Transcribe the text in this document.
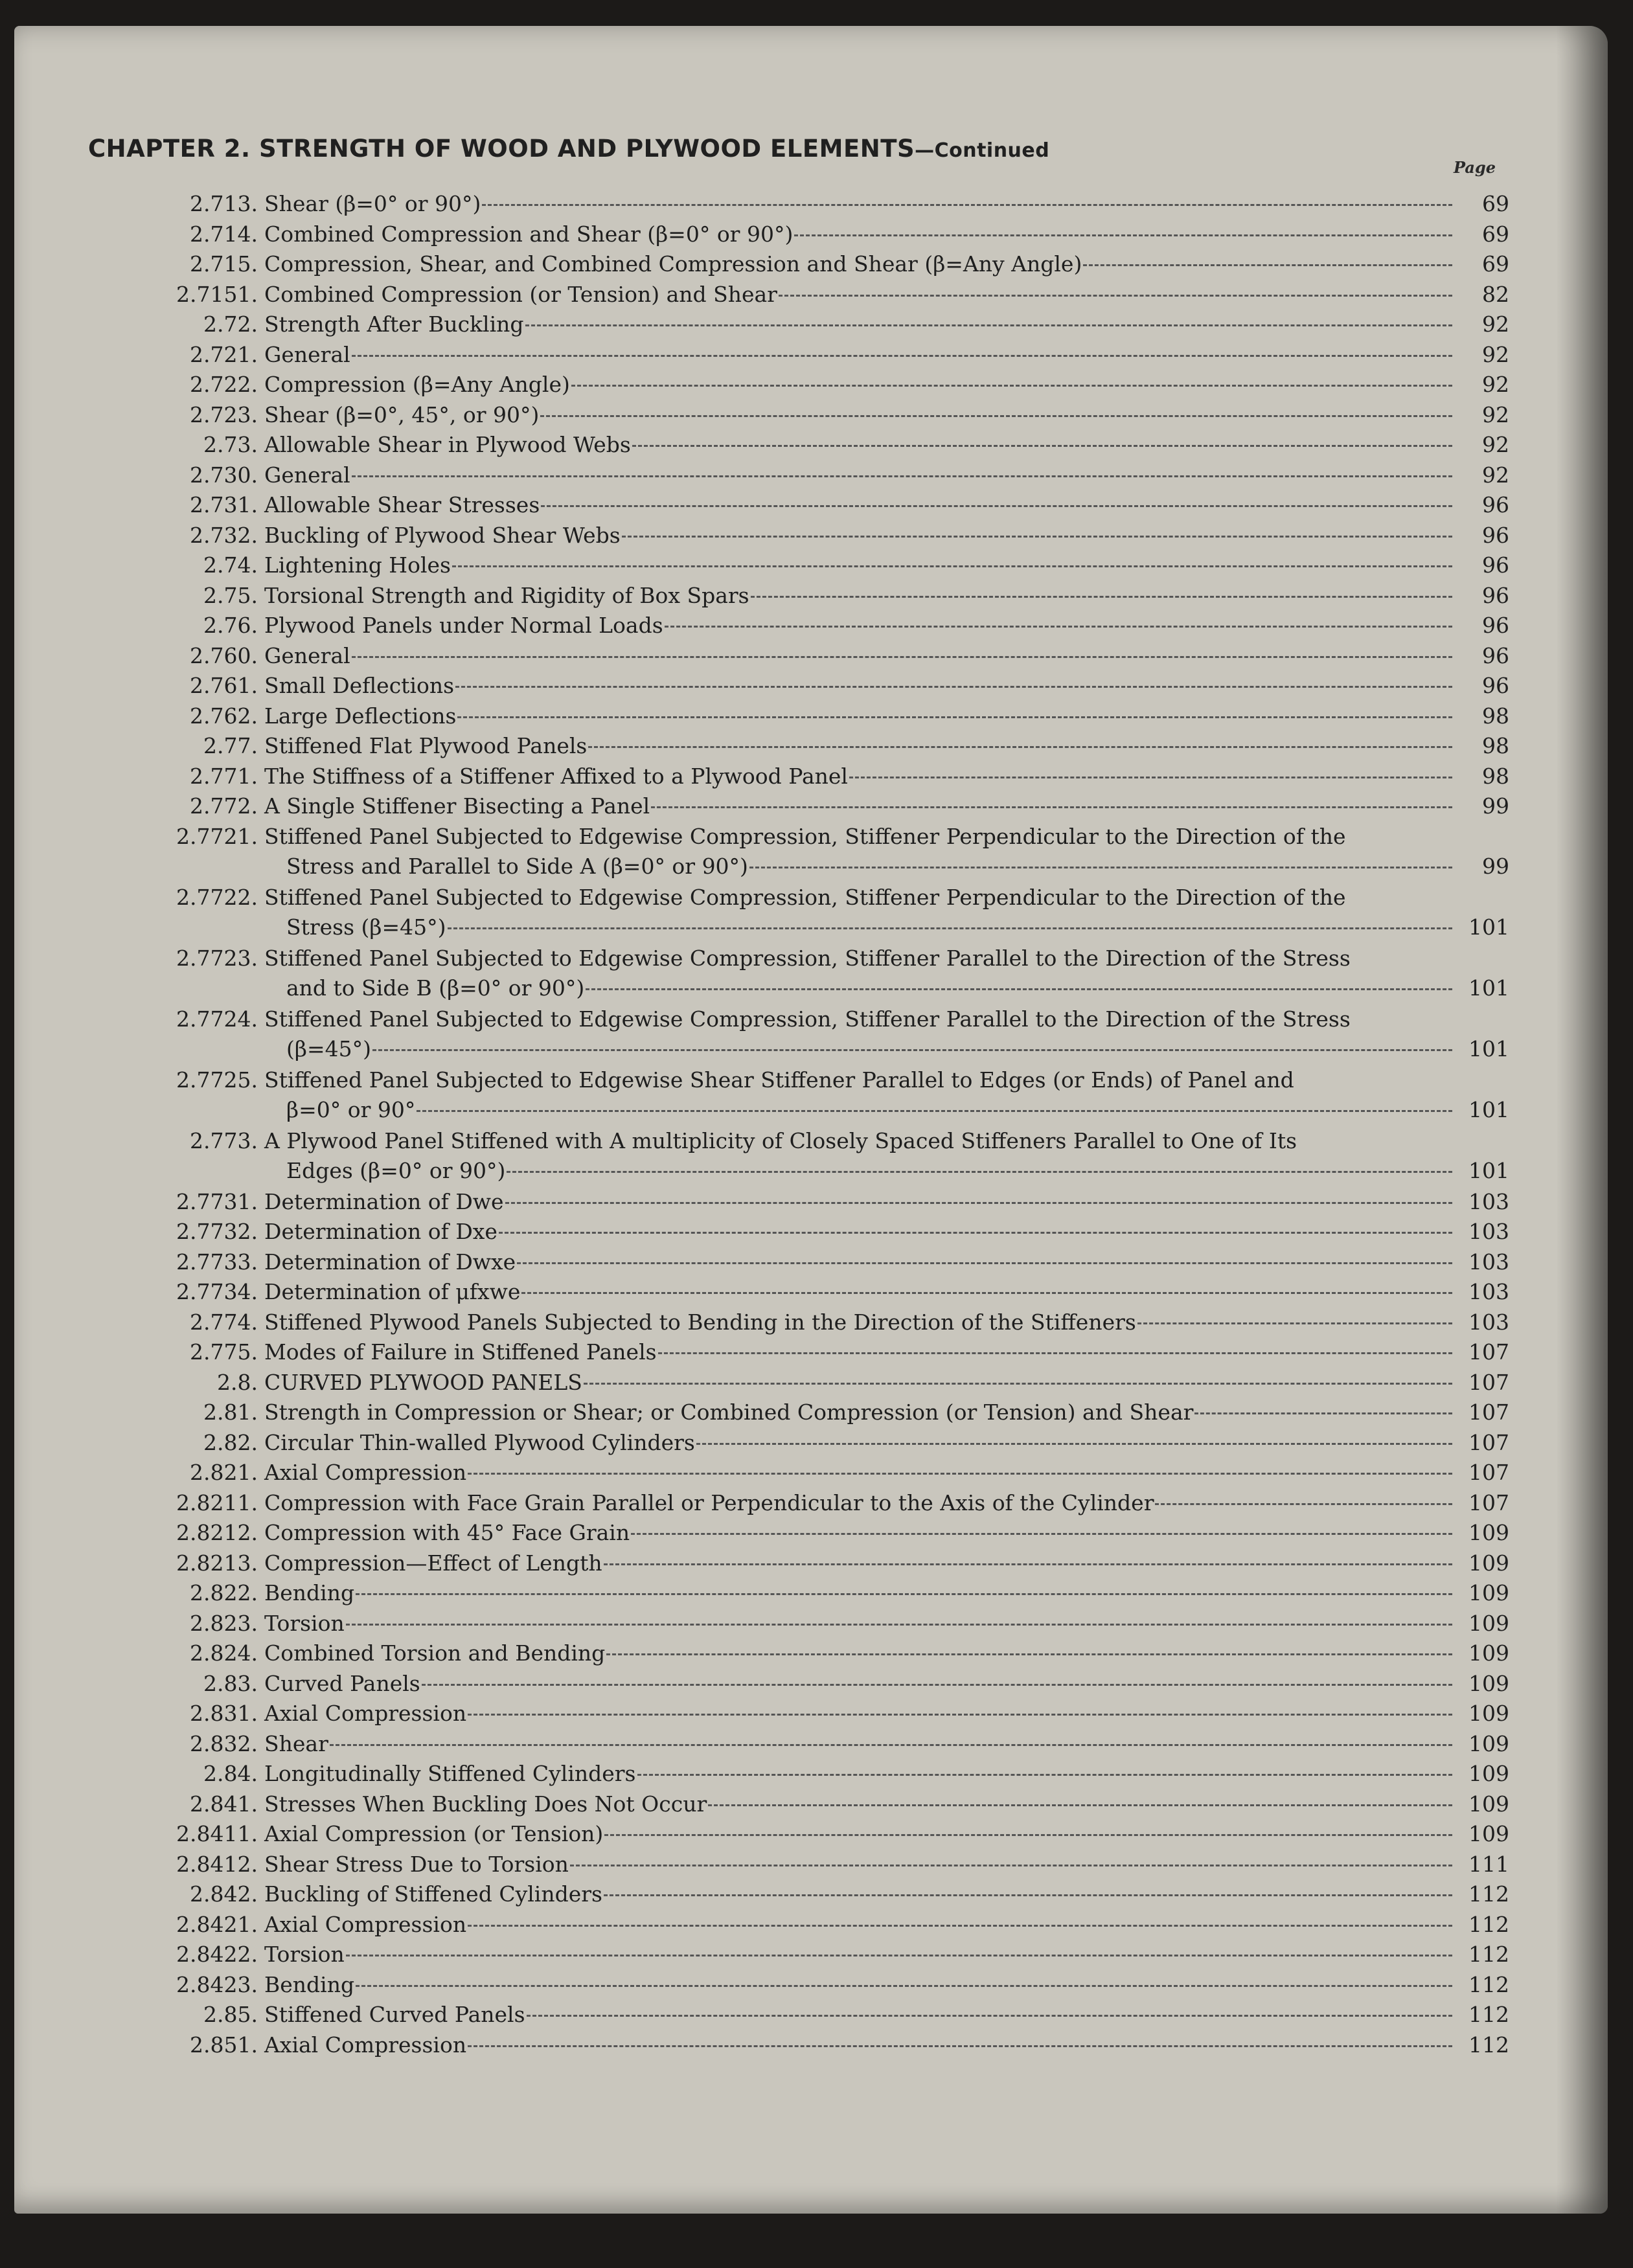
CHAPTER 2. STRENGTH OF WOOD AND PLYWOOD ELEMENTS—Continued
Page
2.713. Shear (β=0° or 90°)	69
2.714. Combined Compression and Shear (β=0° or 90°)	69
2.715. Compression, Shear, and Combined Compression and Shear (β=Any Angle)	69
2.7151. Combined Compression (or Tension) and Shear	82
2.72. Strength After Buckling	92
2.721. General	92
2.722. Compression (β=Any Angle)	92
2.723. Shear (β=0°, 45°, or 90°)	92
2.73. Allowable Shear in Plywood Webs	92
2.730. General	92
2.731. Allowable Shear Stresses	96
2.732. Buckling of Plywood Shear Webs	96
2.74. Lightening Holes	96
2.75. Torsional Strength and Rigidity of Box Spars	96
2.76. Plywood Panels under Normal Loads	96
2.760. General	96
2.761. Small Deflections	96
2.762. Large Deflections	98
2.77. Stiffened Flat Plywood Panels	98
2.771. The Stiffness of a Stiffener Affixed to a Plywood Panel	98
2.772. A Single Stiffener Bisecting a Panel	99
2.7721. Stiffened Panel Subjected to Edgewise Compression, Stiffener Perpendicular to the Direction of the
Stress and Parallel to Side A (β=0° or 90°)	99
2.7722. Stiffened Panel Subjected to Edgewise Compression, Stiffener Perpendicular to the Direction of the
Stress (β=45°)	101
2.7723. Stiffened Panel Subjected to Edgewise Compression, Stiffener Parallel to the Direction of the Stress
and to Side B (β=0° or 90°)	101
2.7724. Stiffened Panel Subjected to Edgewise Compression, Stiffener Parallel to the Direction of the Stress
(β=45°)	101
2.7725. Stiffened Panel Subjected to Edgewise Shear Stiffener Parallel to Edges (or Ends) of Panel and
β=0° or 90°	101
2.773. A Plywood Panel Stiffened with A multiplicity of Closely Spaced Stiffeners Parallel to One of Its
Edges (β=0° or 90°)	101
2.7731. Determination of Dwe	103
2.7732. Determination of Dxe	103
2.7733. Determination of Dwxe	103
2.7734. Determination of μfxwe	103
2.774. Stiffened Plywood Panels Subjected to Bending in the Direction of the Stiffeners	103
2.775. Modes of Failure in Stiffened Panels	107
2.8. CURVED PLYWOOD PANELS	107
2.81. Strength in Compression or Shear; or Combined Compression (or Tension) and Shear	107
2.82. Circular Thin-walled Plywood Cylinders	107
2.821. Axial Compression	107
2.8211. Compression with Face Grain Parallel or Perpendicular to the Axis of the Cylinder	107
2.8212. Compression with 45° Face Grain	109
2.8213. Compression—Effect of Length	109
2.822. Bending	109
2.823. Torsion	109
2.824. Combined Torsion and Bending	109
2.83. Curved Panels	109
2.831. Axial Compression	109
2.832. Shear	109
2.84. Longitudinally Stiffened Cylinders	109
2.841. Stresses When Buckling Does Not Occur	109
2.8411. Axial Compression (or Tension)	109
2.8412. Shear Stress Due to Torsion	111
2.842. Buckling of Stiffened Cylinders	112
2.8421. Axial Compression	112
2.8422. Torsion	112
2.8423. Bending	112
2.85. Stiffened Curved Panels	112
2.851. Axial Compression	112
